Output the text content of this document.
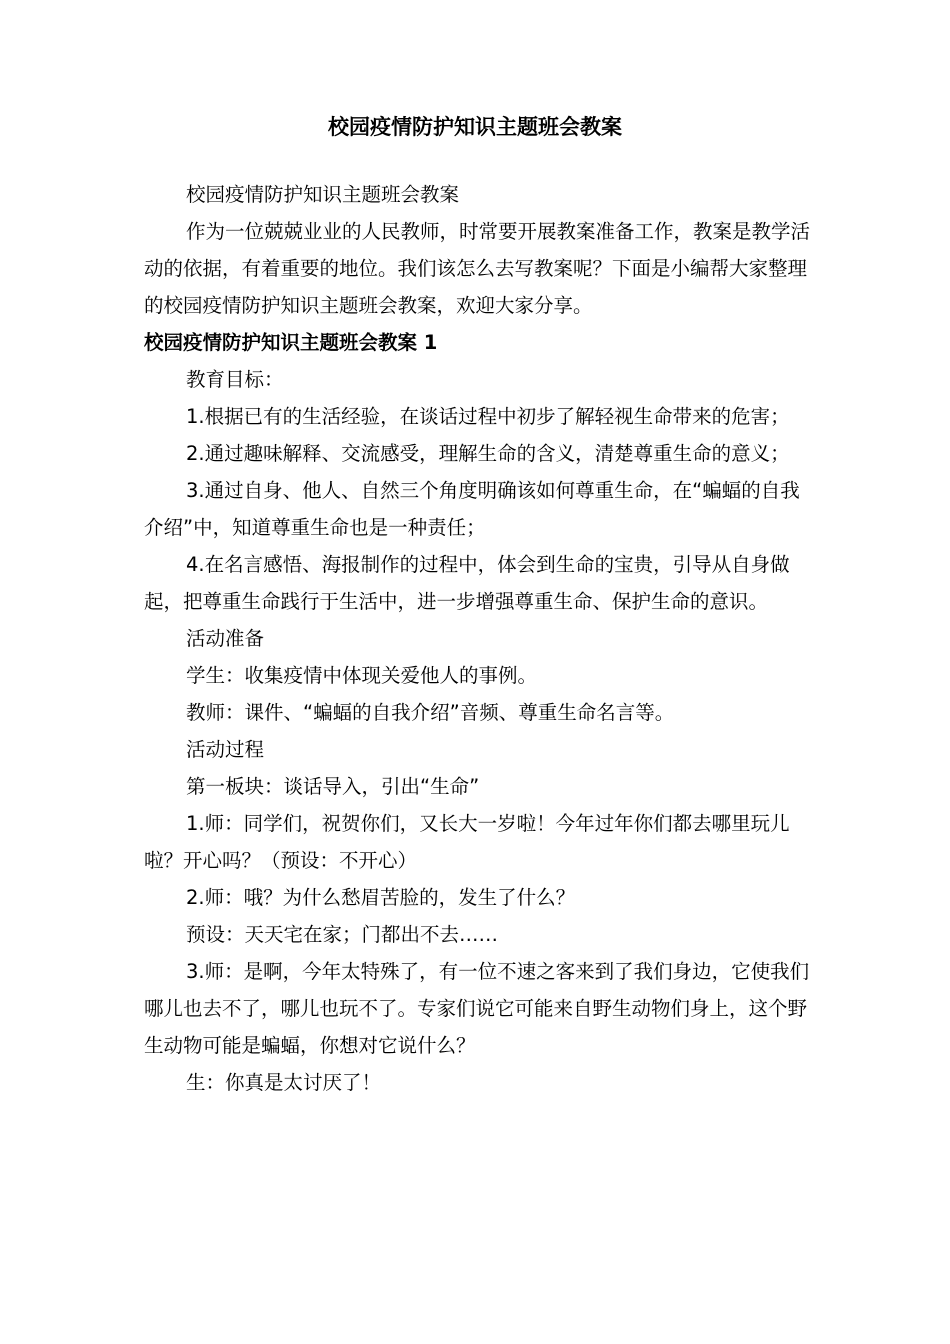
校园疫情防护知识主题班会教案

校园疫情防护知识主题班会教案

作为一位兢兢业业的人民教师，时常要开展教案准备工作，教案是教学活动的依据，有着重要的地位。我们该怎么去写教案呢？下面是小编帮大家整理的校园疫情防护知识主题班会教案，欢迎大家分享。

校园疫情防护知识主题班会教案 1

教育目标：

1.根据已有的生活经验，在谈话过程中初步了解轻视生命带来的危害；

2.通过趣味解释、交流感受，理解生命的含义，清楚尊重生命的意义；

3.通过自身、他人、自然三个角度明确该如何尊重生命，在“蝙蝠的自我介绍”中，知道尊重生命也是一种责任；

4.在名言感悟、海报制作的过程中，体会到生命的宝贵，引导从自身做起，把尊重生命践行于生活中，进一步增强尊重生命、保护生命的意识。

活动准备

学生：收集疫情中体现关爱他人的事例。

教师：课件、“蝙蝠的自我介绍”音频、尊重生命名言等。

活动过程

第一板块：谈话导入，引出“生命”

1.师：同学们，祝贺你们，又长大一岁啦！今年过年你们都去哪里玩儿啦？开心吗？（预设：不开心）

2.师：哦？为什么愁眉苦脸的，发生了什么？

预设：天天宅在家；门都出不去……

3.师：是啊，今年太特殊了，有一位不速之客来到了我们身边，它使我们哪儿也去不了，哪儿也玩不了。专家们说它可能来自野生动物们身上，这个野生动物可能是蝙蝠，你想对它说什么？

生：你真是太讨厌了！
